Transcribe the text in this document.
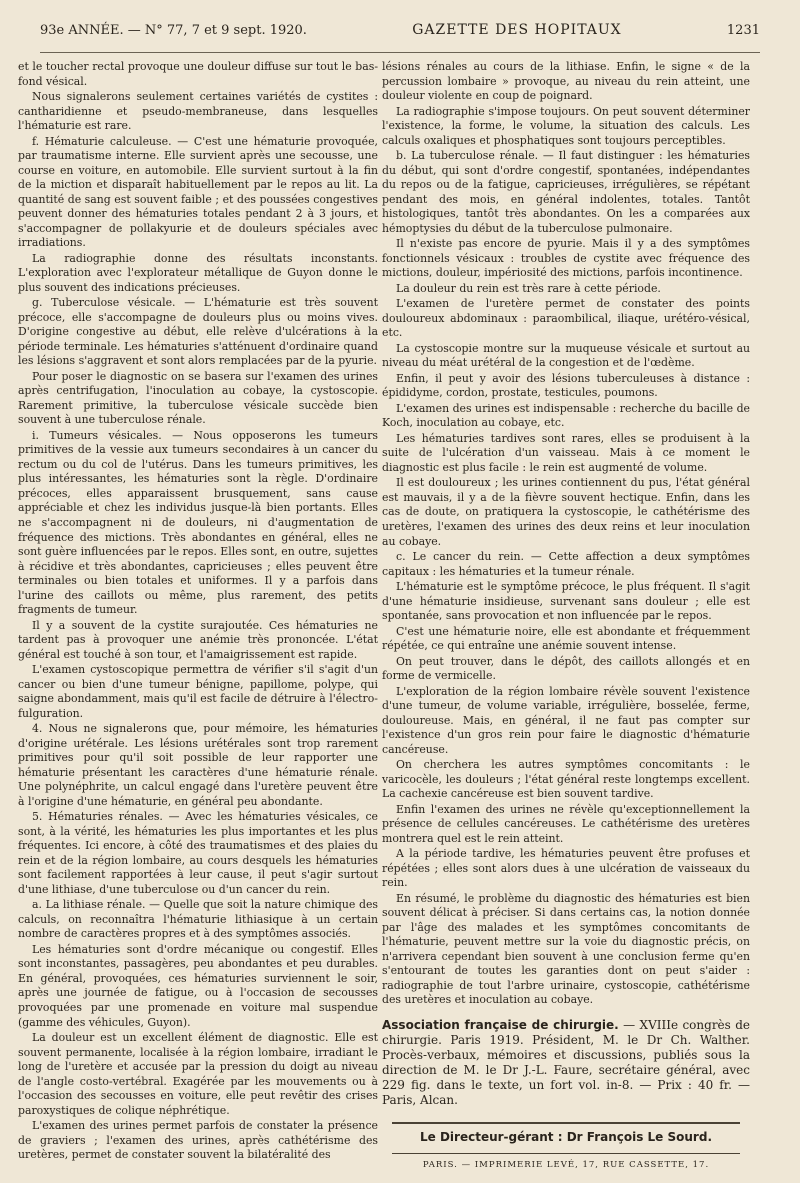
93e ANNÉE. — N° 77, 7 et 9 sept. 1920.	GAZETTE DES HOPITAUX	1231

et le toucher rectal provoque une douleur diffuse sur tout le bas-fond vésical.

Nous signalerons seulement certaines variétés de cystites : cantharidienne et pseudo-membraneuse, dans lesquelles l'hématurie est rare.

f. Hématurie calculeuse. — C'est une hématurie provoquée, par traumatisme interne. Elle survient après une secousse, une course en voiture, en automobile. Elle survient surtout à la fin de la miction et disparaît habituellement par le repos au lit. La quantité de sang est souvent faible ; et des poussées congestives peuvent donner des hématuries totales pendant 2 à 3 jours, et s'accompagner de pollakyurie et de douleurs spéciales avec irradiations.

La radiographie donne des résultats inconstants. L'exploration avec l'explorateur métallique de Guyon donne le plus souvent des indications précieuses.

g. Tuberculose vésicale. — L'hématurie est très souvent précoce, elle s'accompagne de douleurs plus ou moins vives. D'origine congestive au début, elle relève d'ulcérations à la période terminale. Les hématuries s'atténuent d'ordinaire quand les lésions s'aggravent et sont alors remplacées par de la pyurie.

Pour poser le diagnostic on se basera sur l'examen des urines après centrifugation, l'inoculation au cobaye, la cystoscopie. Rarement primitive, la tuberculose vésicale succède bien souvent à une tuberculose rénale.

i. Tumeurs vésicales. — Nous opposerons les tumeurs primitives de la vessie aux tumeurs secondaires à un cancer du rectum ou du col de l'utérus. Dans les tumeurs primitives, les plus intéressantes, les hématuries sont la règle. D'ordinaire précoces, elles apparaissent brusquement, sans cause appréciable et chez les individus jusque-là bien portants. Elles ne s'accompagnent ni de douleurs, ni d'augmentation de fréquence des mictions. Très abondantes en général, elles ne sont guère influencées par le repos. Elles sont, en outre, sujettes à récidive et très abondantes, capricieuses ; elles peuvent être terminales ou bien totales et uniformes. Il y a parfois dans l'urine des caillots ou même, plus rarement, des petits fragments de tumeur.

Il y a souvent de la cystite surajoutée. Ces hématuries ne tardent pas à provoquer une anémie très prononcée. L'état général est touché à son tour, et l'amaigrissement est rapide.

L'examen cystoscopique permettra de vérifier s'il s'agit d'un cancer ou bien d'une tumeur bénigne, papillome, polype, qui saigne abondamment, mais qu'il est facile de détruire à l'électro-fulguration.

4. Nous ne signalerons que, pour mémoire, les hématuries d'origine urétérale. Les lésions urétérales sont trop rarement primitives pour qu'il soit possible de leur rapporter une hématurie présentant les caractères d'une hématurie rénale. Une polynéphrite, un calcul engagé dans l'uretère peuvent être à l'origine d'une hématurie, en général peu abondante.

5. Hématuries rénales. — Avec les hématuries vésicales, ce sont, à la vérité, les hématuries les plus importantes et les plus fréquentes. Ici encore, à côté des traumatismes et des plaies du rein et de la région lombaire, au cours desquels les hématuries sont facilement rapportées à leur cause, il peut s'agir surtout d'une lithiase, d'une tuberculose ou d'un cancer du rein.

a. La lithiase rénale. — Quelle que soit la nature chimique des calculs, on reconnaîtra l'hématurie lithiasique à un certain nombre de caractères propres et à des symptômes associés.

Les hématuries sont d'ordre mécanique ou congestif. Elles sont inconstantes, passagères, peu abondantes et peu durables. En général, provoquées, ces hématuries surviennent le soir, après une journée de fatigue, ou à l'occasion de secousses provoquées par une promenade en voiture mal suspendue (gamme des véhicules, Guyon).

La douleur est un excellent élément de diagnostic. Elle est souvent permanente, localisée à la région lombaire, irradiant le long de l'uretère et accusée par la pression du doigt au niveau de l'angle costo-vertébral. Exagérée par les mouvements ou à l'occasion des secousses en voiture, elle peut revêtir des crises paroxystiques de colique néphrétique.

L'examen des urines permet parfois de constater la présence de graviers ; l'examen des urines, après cathétérisme des uretères, permet de constater souvent la bilatéralité des

lésions rénales au cours de la lithiase. Enfin, le signe « de la percussion lombaire » provoque, au niveau du rein atteint, une douleur violente en coup de poignard.

La radiographie s'impose toujours. On peut souvent déterminer l'existence, la forme, le volume, la situation des calculs. Les calculs oxaliques et phosphatiques sont toujours perceptibles.

b. La tuberculose rénale. — Il faut distinguer : les hématuries du début, qui sont d'ordre congestif, spontanées, indépendantes du repos ou de la fatigue, capricieuses, irrégulières, se répétant pendant des mois, en général indolentes, totales. Tantôt histologiques, tantôt très abondantes. On les a comparées aux hémoptysies du début de la tuberculose pulmonaire.

Il n'existe pas encore de pyurie. Mais il y a des symptômes fonctionnels vésicaux : troubles de cystite avec fréquence des mictions, douleur, impériosité des mictions, parfois incontinence.

La douleur du rein est très rare à cette période.

L'examen de l'uretère permet de constater des points douloureux abdominaux : paraombilical, iliaque, urétéro-vésical, etc.

La cystoscopie montre sur la muqueuse vésicale et surtout au niveau du méat urétéral de la congestion et de l'œdème.

Enfin, il peut y avoir des lésions tuberculeuses à distance : épididyme, cordon, prostate, testicules, poumons.

L'examen des urines est indispensable : recherche du bacille de Koch, inoculation au cobaye, etc.

Les hématuries tardives sont rares, elles se produisent à la suite de l'ulcération d'un vaisseau. Mais à ce moment le diagnostic est plus facile : le rein est augmenté de volume.

Il est douloureux ; les urines contiennent du pus, l'état général est mauvais, il y a de la fièvre souvent hectique. Enfin, dans les cas de doute, on pratiquera la cystoscopie, le cathétérisme des uretères, l'examen des urines des deux reins et leur inoculation au cobaye.

c. Le cancer du rein. — Cette affection a deux symptômes capitaux : les hématuries et la tumeur rénale.

L'hématurie est le symptôme précoce, le plus fréquent. Il s'agit d'une hématurie insidieuse, survenant sans douleur ; elle est spontanée, sans provocation et non influencée par le repos.

C'est une hématurie noire, elle est abondante et fréquemment répétée, ce qui entraîne une anémie souvent intense.

On peut trouver, dans le dépôt, des caillots allongés et en forme de vermicelle.

L'exploration de la région lombaire révèle souvent l'existence d'une tumeur, de volume variable, irrégulière, bosselée, ferme, douloureuse. Mais, en général, il ne faut pas compter sur l'existence d'un gros rein pour faire le diagnostic d'hématurie cancéreuse.

On cherchera les autres symptômes concomitants : le varicocèle, les douleurs ; l'état général reste longtemps excellent. La cachexie cancéreuse est bien souvent tardive.

Enfin l'examen des urines ne révèle qu'exceptionnellement la présence de cellules cancéreuses. Le cathétérisme des uretères montrera quel est le rein atteint.

A la période tardive, les hématuries peuvent être profuses et répétées ; elles sont alors dues à une ulcération de vaisseaux du rein.

En résumé, le problème du diagnostic des hématuries est bien souvent délicat à préciser. Si dans certains cas, la notion donnée par l'âge des malades et les symptômes concomitants de l'hématurie, peuvent mettre sur la voie du diagnostic précis, on n'arrivera cependant bien souvent à une conclusion ferme qu'en s'entourant de toutes les garanties dont on peut s'aider : radiographie de tout l'arbre urinaire, cystoscopie, cathétérisme des uretères et inoculation au cobaye.

Association française de chirurgie. — XVIIIe congrès de chirurgie. Paris 1919. Président, M. le Dr Ch. Walther. Procès-verbaux, mémoires et discussions, publiés sous la direction de M. le Dr J.-L. Faure, secrétaire général, avec 229 fig. dans le texte, un fort vol. in-8. — Prix : 40 fr. — Paris, Alcan.
Le Directeur-gérant : Dr François Le Sourd.
PARIS. — IMPRIMERIE LEVÉ, 17, RUE CASSETTE, 17.
